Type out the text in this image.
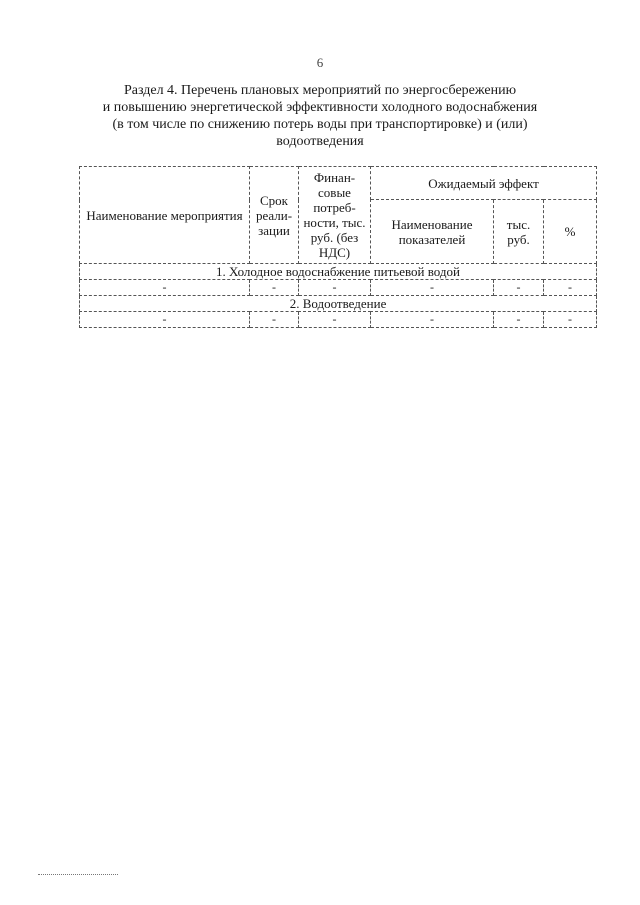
6
Раздел 4. Перечень плановых мероприятий по энергосбережению
и повышению энергетической эффективности холодного водоснабжения
(в том числе по снижению потерь воды при транспортировке) и (или)
водоотведения
Наименование мероприятия	Срок реали-зации	Финан-совые потреб-ности, тыс. руб. (без НДС)	Ожидаемый эффект		
			Наименование показателей	тыс. руб.	%
1. Холодное водоснабжение питьевой водой					
-	-	-	-	-	-
2. Водоотведение					
-	-	-	-	-	-
